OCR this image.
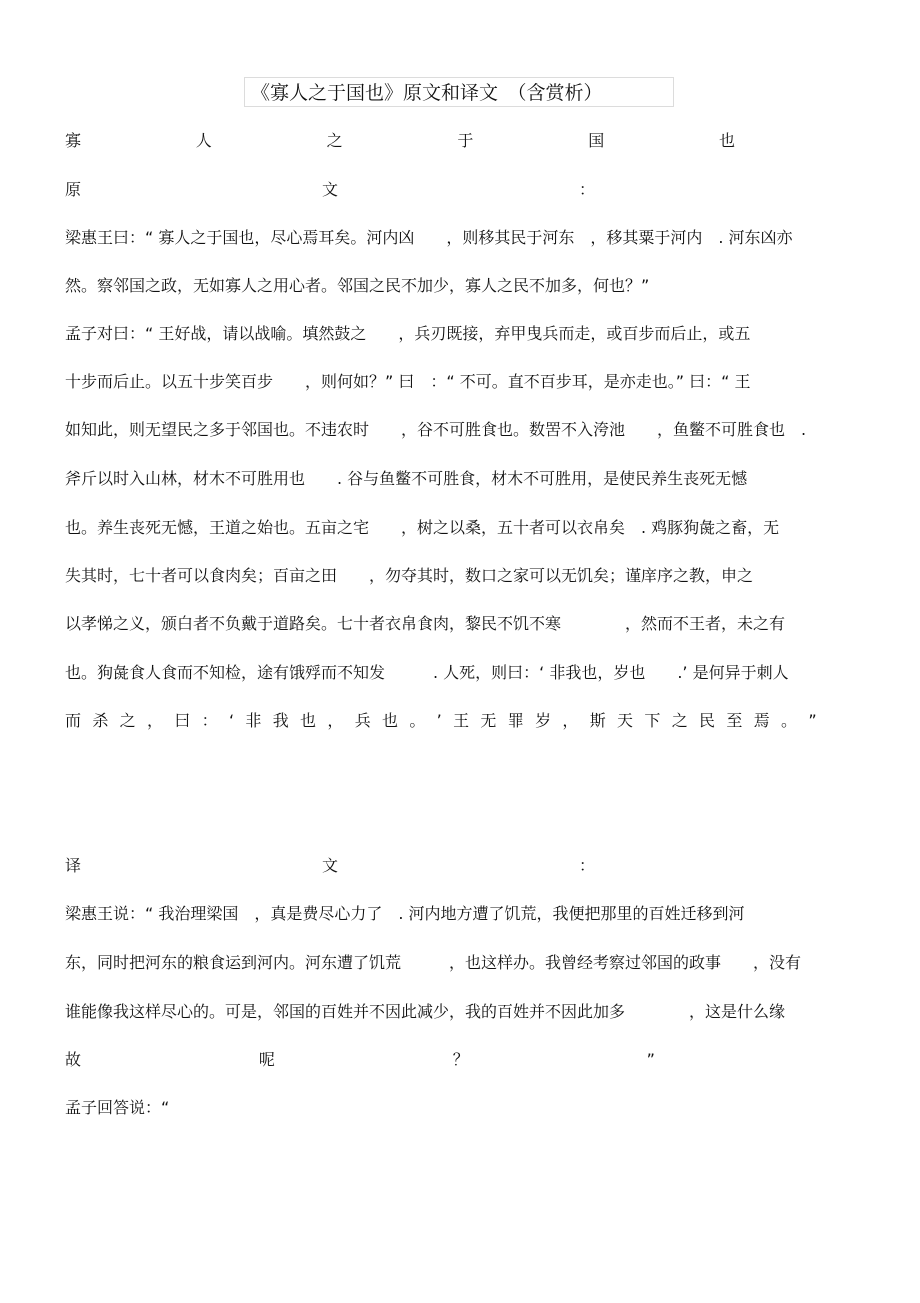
《寡人之于国也》原文和译文　（含赏析）
寡	人	之	于	国	也
原	文	：
梁惠王曰：“ 寡人之于国也，尽心焉耳矣。河内凶　　，则移其民于河东　，移其粟于河内　. 河东凶亦
然。察邻国之政，无如寡人之用心者。邻国之民不加少，寡人之民不加多，何也？”
孟子对曰：“ 王好战，请以战喻。填然鼓之　　，兵刃既接，弃甲曳兵而走，或百步而后止，或五
十步而后止。以五十步笑百步　　，则何如？” 曰　：“ 不可。直不百步耳，是亦走也。” 曰：“ 王
如知此，则无望民之多于邻国也。不违农时　　，谷不可胜食也。数罟不入洿池　　，鱼鳖不可胜食也　.
斧斤以时入山林，材木不可胜用也　　. 谷与鱼鳖不可胜食，材木不可胜用，是使民养生丧死无憾
也。养生丧死无憾，王道之始也。五亩之宅　　，树之以桑，五十者可以衣帛矣　. 鸡豚狗彘之畜，无
失其时，七十者可以食肉矣；百亩之田　　，勿夺其时，数口之家可以无饥矣；谨庠序之教，申之
以孝悌之义，颁白者不负戴于道路矣。七十者衣帛食肉，黎民不饥不寒　　　　，然而不王者，未之有
也。狗彘食人食而不知检，途有饿殍而不知发　　　. 人死，则曰：‘ 非我也，岁也　　.’ 是何异于刺人
而 杀 之 ， 曰 ： ‘ 非 我 也 ， 兵 也 。 ’ 王 无 罪 岁 ， 斯 天 下 之 民 至 焉 。 ”
译	文	：
梁惠王说：“ 我治理梁国　，真是费尽心力了　. 河内地方遭了饥荒，我便把那里的百姓迁移到河
东，同时把河东的粮食运到河内。河东遭了饥荒　　　，也这样办。我曾经考察过邻国的政事　　，没有
谁能像我这样尽心的。可是，邻国的百姓并不因此减少，我的百姓并不因此加多　　　　，这是什么缘
故	呢	？	”
孟子回答说：“
